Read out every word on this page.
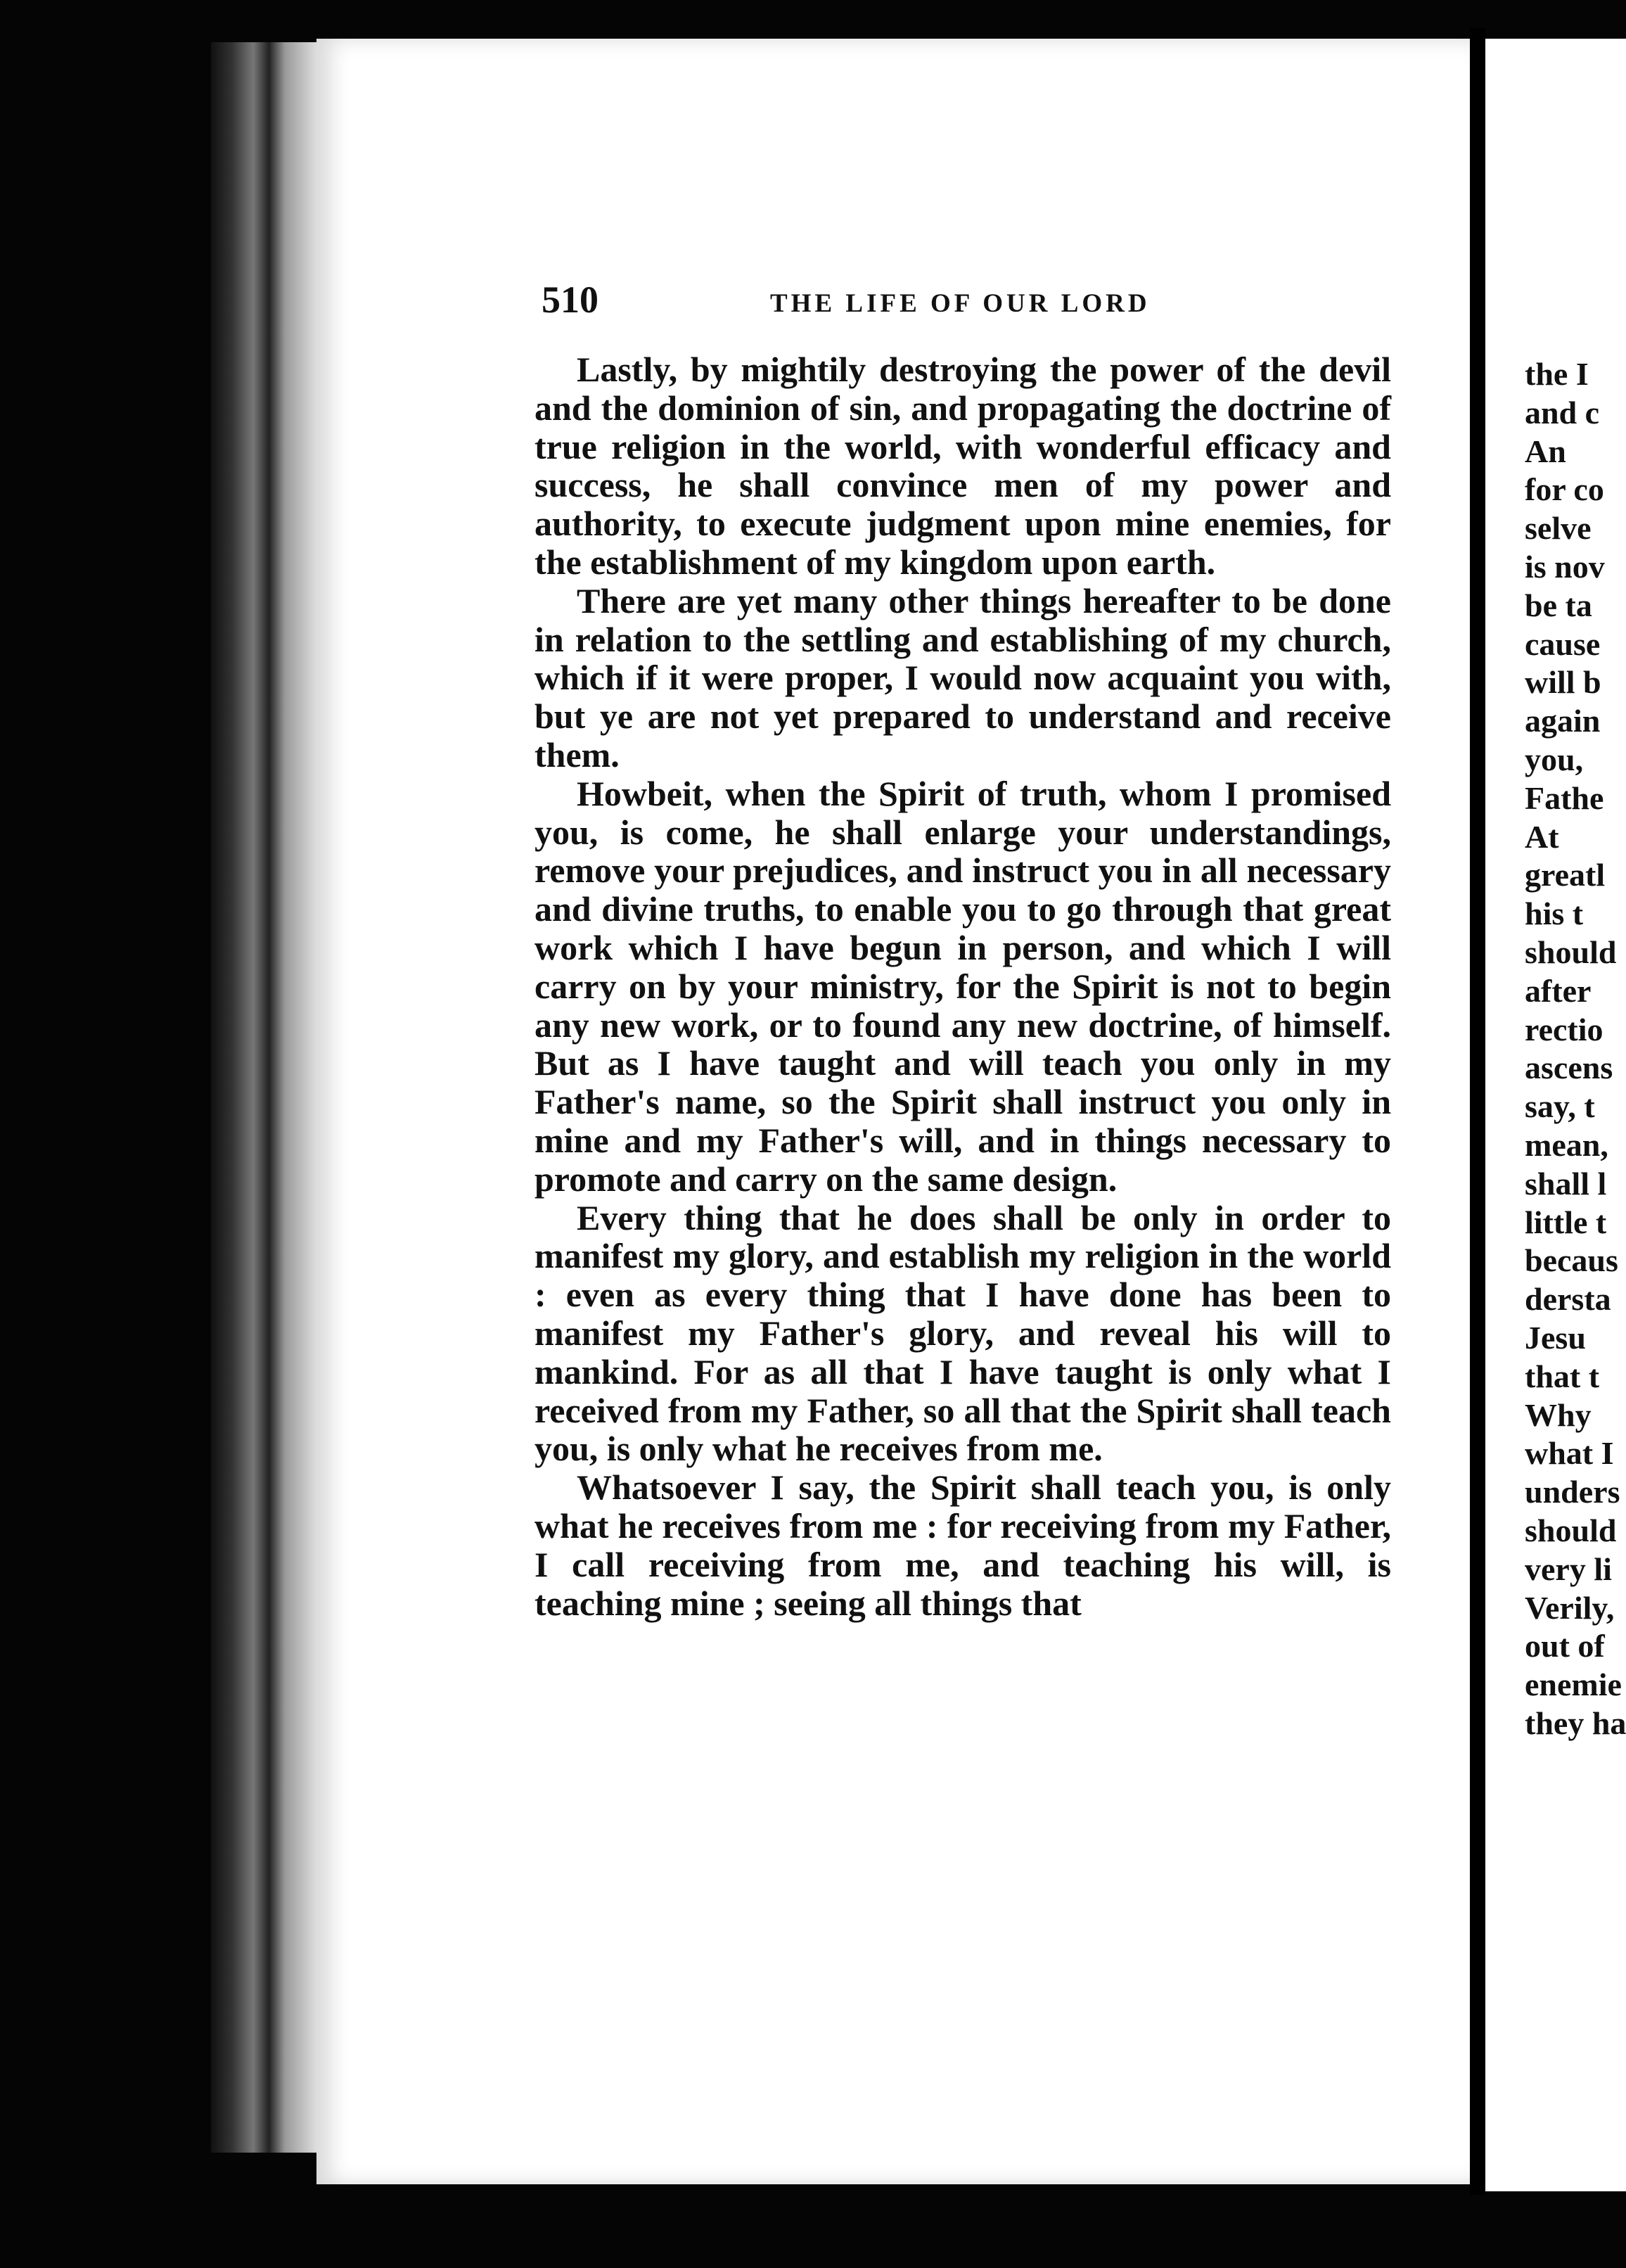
510	THE LIFE OF OUR LORD

Lastly, by mightily destroying the power of the devil and the dominion of sin, and propagating the doctrine of true religion in the world, with wonderful efficacy and success, he shall convince men of my power and authority, to execute judgment upon mine enemies, for the establishment of my kingdom upon earth.

There are yet many other things hereafter to be done in relation to the settling and establishing of my church, which if it were proper, I would now acquaint you with, but ye are not yet prepared to understand and receive them.

Howbeit, when the Spirit of truth, whom I promised you, is come, he shall enlarge your understandings, remove your prejudices, and instruct you in all necessary and divine truths, to enable you to go through that great work which I have begun in person, and which I will carry on by your ministry, for the Spirit is not to begin any new work, or to found any new doctrine, of himself. But as I have taught and will teach you only in my Father's name, so the Spirit shall instruct you only in mine and my Father's will, and in things necessary to promote and carry on the same design.

Every thing that he does shall be only in order to manifest my glory, and establish my religion in the world : even as every thing that I have done has been to manifest my Father's glory, and reveal his will to mankind. For as all that I have taught is only what I received from my Father, so all that the Spirit shall teach you, is only what he receives from me.

Whatsoever I say, the Spirit shall teach you, is only what he receives from me : for receiving from my Father, I call receiving from me, and teaching his will, is teaching mine ; seeing all things that

the I
and c
An
for co
selve
is nov
be ta
cause
will b
again
you,
Fathe
At
greatl
his t
should
after
rectio
ascens
say, t
mean,
shall l
little t
becaus
dersta
Jesu
that t
Why
what I
unders
should
very li
Verily,
out of
enemie
they ha
